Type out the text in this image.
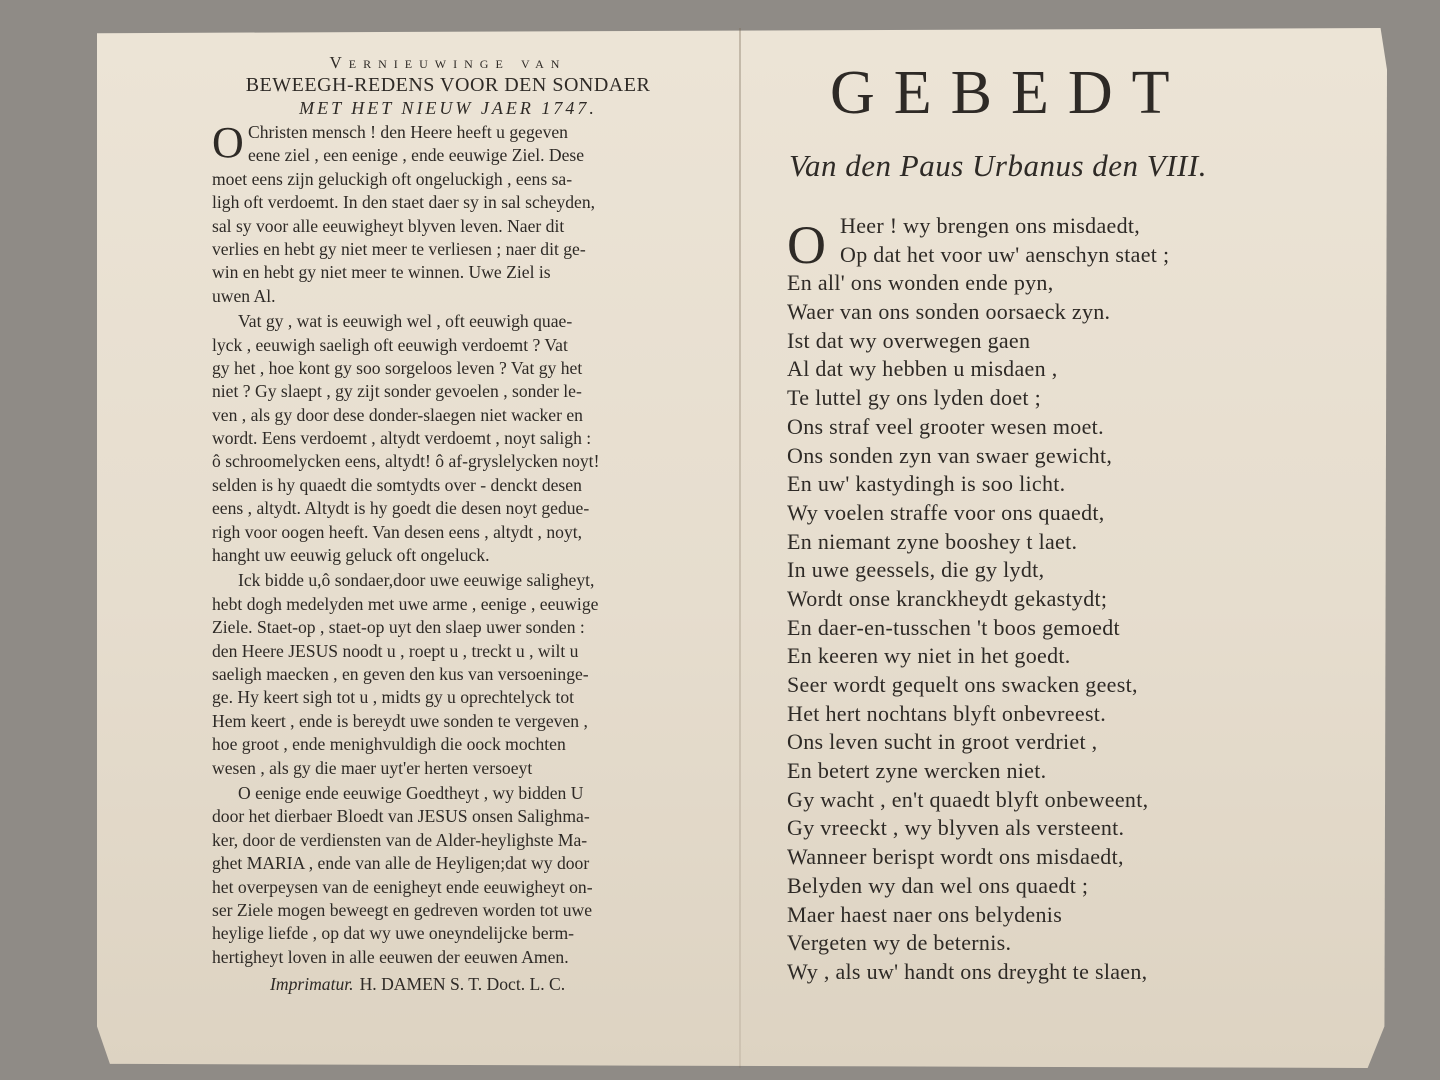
Vernieuwinge van
BEWEEGH-REDENS VOOR DEN SONDAER
MET HET NIEUW JAER 1747.
O Christen mensch ! den Heere heeft u gegeven
eene ziel , een eenige , ende eeuwige Ziel. Dese
moet eens zijn geluckigh oft ongeluckigh , eens sa-
ligh oft verdoemt. In den staet daer sy in sal scheyden,
sal sy voor alle eeuwigheyt blyven leven. Naer dit
verlies en hebt gy niet meer te verliesen ; naer dit ge-
win en hebt gy niet meer te winnen. Uwe Ziel is
uwen Al.
Vat gy , wat is eeuwigh wel , oft eeuwigh quae-
lyck , eeuwigh saeligh oft eeuwigh verdoemt ? Vat
gy het , hoe kont gy soo sorgeloos leven ? Vat gy het
niet ? Gy slaept , gy zijt sonder gevoelen , sonder le-
ven , als gy door dese donder-slaegen niet wacker en
wordt. Eens verdoemt , altydt verdoemt , noyt saligh :
ô schroomelycken eens, altydt! ô af-gryslelycken noyt!
selden is hy quaedt die somtydts over - denckt desen
eens , altydt. Altydt is hy goedt die desen noyt gedue-
righ voor oogen heeft. Van desen eens , altydt , noyt,
hanght uw eeuwig geluck oft ongeluck.
Ick bidde u,ô sondaer,door uwe eeuwige saligheyt,
hebt dogh medelyden met uwe arme , eenige , eeuwige
Ziele. Staet-op , staet-op uyt den slaep uwer sonden :
den Heere JESUS noodt u , roept u , treckt u , wilt u
saeligh maecken , en geven den kus van versoeninge-
ge. Hy keert sigh tot u , midts gy u oprechtelyck tot
Hem keert , ende is bereydt uwe sonden te vergeven ,
hoe groot , ende menighvuldigh die oock mochten
wesen , als gy die maer uyt'er herten versoeyt
O eenige ende eeuwige Goedtheyt , wy bidden U
door het dierbaer Bloedt van JESUS onsen Salighma-
ker, door de verdiensten van de Alder-heylighste Ma-
ghet MARIA , ende van alle de Heyligen;dat wy door
het overpeysen van de eenigheyt ende eeuwigheyt on-
ser Ziele mogen beweegt en gedreven worden tot uwe
heylige liefde , op dat wy uwe oneyndelijcke berm-
hertigheyt loven in alle eeuwen der eeuwen Amen.
Imprimatur. H. DAMEN S. T. Doct. L. C.
GEBEDT
Van den Paus Urbanus den VIII.
O Heer ! wy brengen ons misdaedt,
Op dat het voor uw' aenschyn staet ;
En all' ons wonden ende pyn,
Waer van ons sonden oorsaeck zyn.
Ist dat wy overwegen gaen
Al dat wy hebben u misdaen ,
Te luttel gy ons lyden doet ;
Ons straf veel grooter wesen moet.
Ons sonden zyn van swaer gewicht,
En uw' kastydingh is soo licht.
Wy voelen straffe voor ons quaedt,
En niemant zyne booshey t laet.
In uwe geessels, die gy lydt,
Wordt onse kranckheydt gekastydt;
En daer-en-tusschen 't boos gemoedt
En keeren wy niet in het goedt.
Seer wordt gequelt ons swacken geest,
Het hert nochtans blyft onbevreest.
Ons leven sucht in groot verdriet ,
En betert zyne wercken niet.
Gy wacht , en't quaedt blyft onbeweent,
Gy vreeckt , wy blyven als versteent.
Wanneer berispt wordt ons misdaedt,
Belyden wy dan wel ons quaedt ;
Maer haest naer ons belydenis
Vergeten wy de beternis.
Wy , als uw' handt ons dreyght te slaen,
